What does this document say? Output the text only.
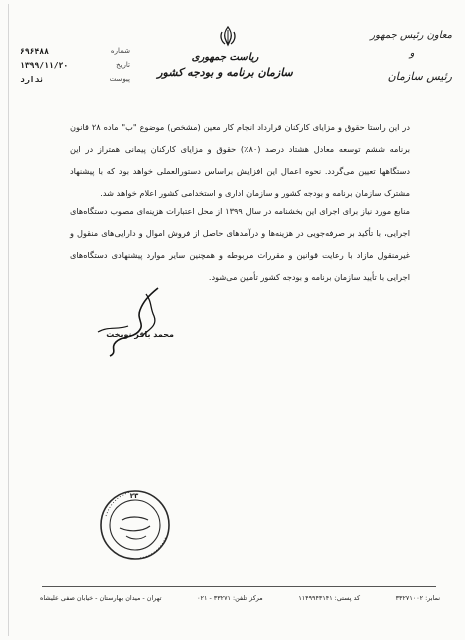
شماره
۶۹۶۴۸۸
تاریخ
۱۳۹۹/۱۱/۲۰
پیوست
ندارد
ریاست جمهوری
سازمان برنامه و بودجه کشور
معاون رئیس جمهور
و
رئیس سازمان
در این راستا حقوق و مزایای کارکنان قرارداد انجام کار معین (مشخص) موضوع "ب" ماده ۲۸ قانون برنامه ششم توسعه معادل هشتاد درصد (۸۰٪) حقوق و مزایای کارکنان پیمانی همتراز در این دستگاهها تعیین می‌گردد. نحوه اعمال این افزایش براساس دستورالعملی خواهد بود که با پیشنهاد مشترک سازمان برنامه و بودجه کشور و سازمان اداری و استخدامی کشور اعلام خواهد شد.
منابع مورد نیاز برای اجرای این بخشنامه در سال ۱۳۹۹ از محل اعتبارات هزینه‌ای مصوب دستگاه‌های اجرایی، با تأکید بر صرفه‌جویی در هزینه‌ها و درآمدهای حاصل از فروش اموال و دارایی‌های منقول و غیرمنقول مازاد با رعایت قوانین و مقررات مربوطه و همچنین سایر موارد پیشنهادی دستگاه‌های اجرایی با تأیید سازمان برنامه و بودجه کشور تأمین می‌شود.
محمد باقر نوبخت
۲۳
تهران - میدان بهارستان - خیابان صفی علیشاه	مرکز تلفن: ۳۳۲۷۱ - ۰۲۱	کد پستی: ۱۱۴۹۹۴۳۱۴۱	نمابر: ۳۳۲۷۱۰۰۲
